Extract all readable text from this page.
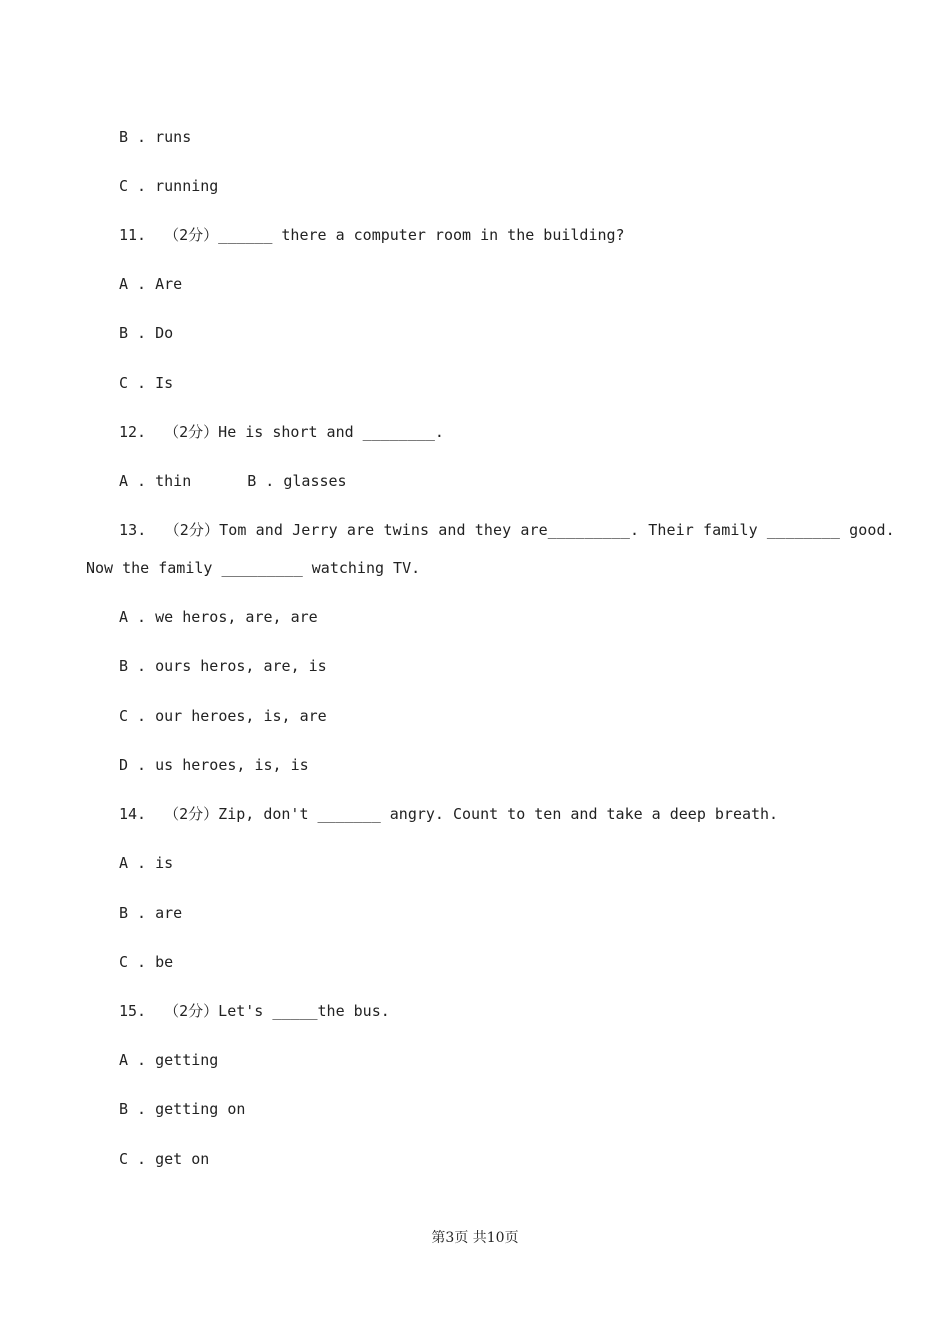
B . runs
C . running
11.  （2分）______ there a computer room in the building?
A . Are
B . Do
C . Is
12.  （2分）He is short and ________.
A . thin	B . glasses
13.  （2分）Tom and Jerry are twins and they are_________. Their family ________ good.
Now the family _________ watching TV.
A . we heros, are, are
B . ours heros, are, is
C . our heroes, is, are
D . us heroes, is, is
14.  （2分）Zip, don't _______ angry. Count to ten and take a deep breath.
A . is
B . are
C . be
15.  （2分）Let's _____the bus.
A . getting
B . getting on
C . get on
第3页 共10页
